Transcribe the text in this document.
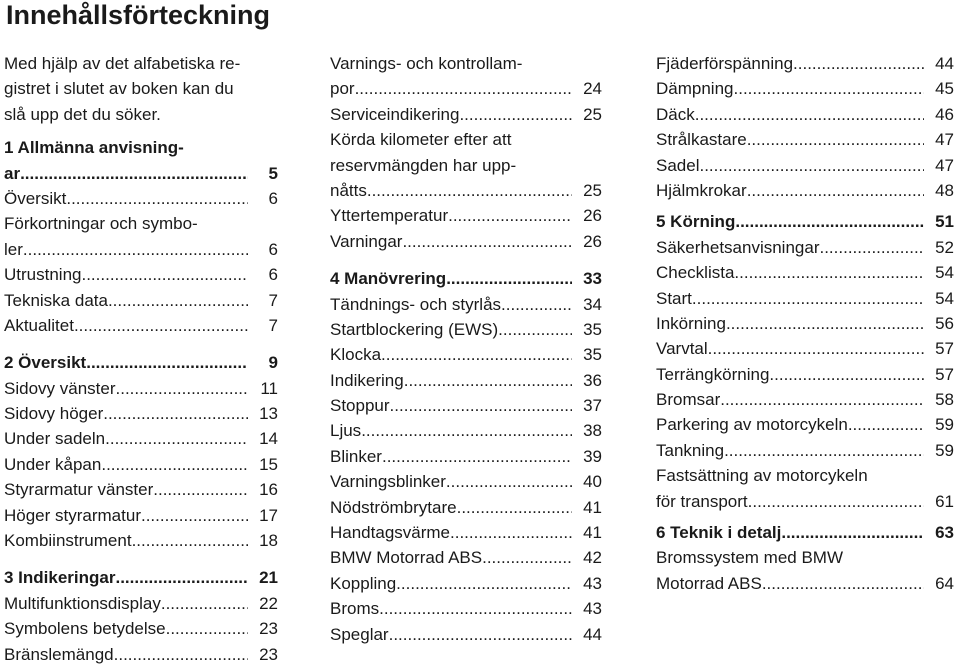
Innehållsförteckning
Med hjälp av det alfabetiska re-
gistret i slutet av boken kan du
slå upp det du söker.
1 Allmänna anvisning-
ar .....	5
Översikt .....	6
Förkortningar och symbo-
ler .....	6
Utrustning .....	6
Tekniska data .....	7
Aktualitet .....	7
2 Översikt .....	9
Sidovy vänster .....	11
Sidovy höger .....	13
Under sadeln .....	14
Under kåpan .....	15
Styrarmatur vänster .....	16
Höger styrarmatur .....	17
Kombiinstrument .....	18
3 Indikeringar .....	21
Multifunktionsdisplay .....	22
Symbolens betydelse .....	23
Bränslemängd .....	23
Varnings- och kontrollam-
por .....	24
Serviceindikering .....	25
Körda kilometer efter att
reservmängden har upp-
nåtts .....	25
Yttertemperatur .....	26
Varningar .....	26
4 Manövrering .....	33
Tändnings- och styrlås .....	34
Startblockering (EWS) .....	35
Klocka .....	35
Indikering .....	36
Stoppur .....	37
Ljus .....	38
Blinker .....	39
Varningsblinker .....	40
Nödströmbrytare .....	41
Handtagsvärme .....	41
BMW Motorrad ABS .....	42
Koppling .....	43
Broms .....	43
Speglar .....	44
Fjäderförspänning .....	44
Dämpning .....	45
Däck .....	46
Strålkastare .....	47
Sadel .....	47
Hjälmkrokar .....	48
5 Körning .....	51
Säkerhetsanvisningar .....	52
Checklista .....	54
Start .....	54
Inkörning .....	56
Varvtal .....	57
Terrängkörning .....	57
Bromsar .....	58
Parkering av motorcykeln .....	59
Tankning .....	59
Fastsättning av motorcykeln
för transport .....	61
6 Teknik i detalj .....	63
Bromssystem med BMW
Motorrad ABS .....	64
